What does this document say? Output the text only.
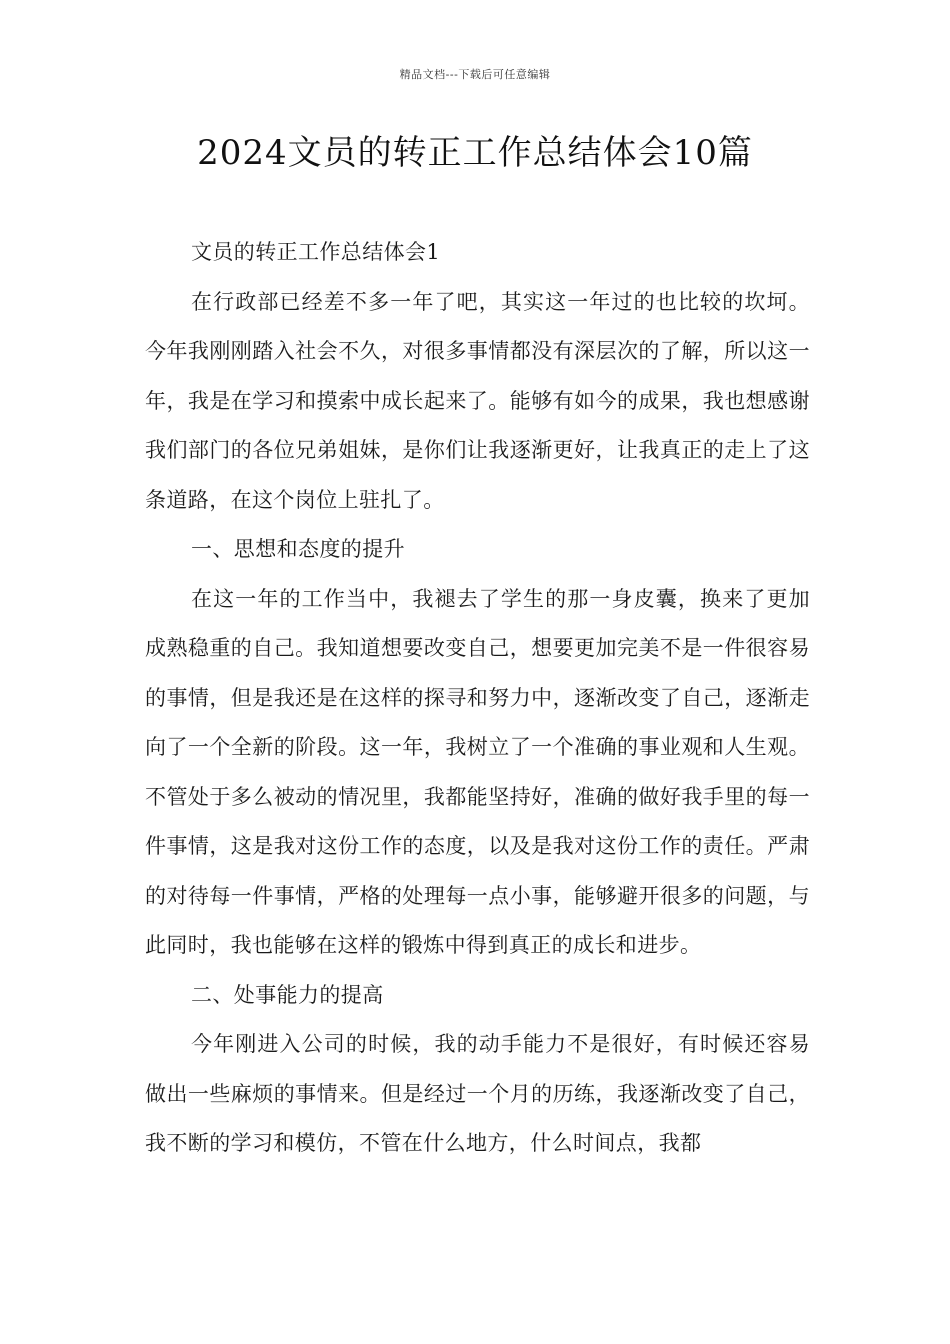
精品文档---下载后可任意编辑
2024文员的转正工作总结体会10篇

文员的转正工作总结体会1

在行政部已经差不多一年了吧，其实这一年过的也比较的坎坷。今年我刚刚踏入社会不久，对很多事情都没有深层次的了解，所以这一年，我是在学习和摸索中成长起来了。能够有如今的成果，我也想感谢我们部门的各位兄弟姐妹，是你们让我逐渐更好，让我真正的走上了这条道路，在这个岗位上驻扎了。

一、思想和态度的提升

在这一年的工作当中，我褪去了学生的那一身皮囊，换来了更加成熟稳重的自己。我知道想要改变自己，想要更加完美不是一件很容易的事情，但是我还是在这样的探寻和努力中，逐渐改变了自己，逐渐走向了一个全新的阶段。这一年，我树立了一个准确的事业观和人生观。不管处于多么被动的情况里，我都能坚持好，准确的做好我手里的每一件事情，这是我对这份工作的态度，以及是我对这份工作的责任。严肃的对待每一件事情，严格的处理每一点小事，能够避开很多的问题，与此同时，我也能够在这样的锻炼中得到真正的成长和进步。

二、处事能力的提高

今年刚进入公司的时候，我的动手能力不是很好，有时候还容易做出一些麻烦的事情来。但是经过一个月的历练，我逐渐改变了自己，我不断的学习和模仿，不管在什么地方，什么时间点，我都
